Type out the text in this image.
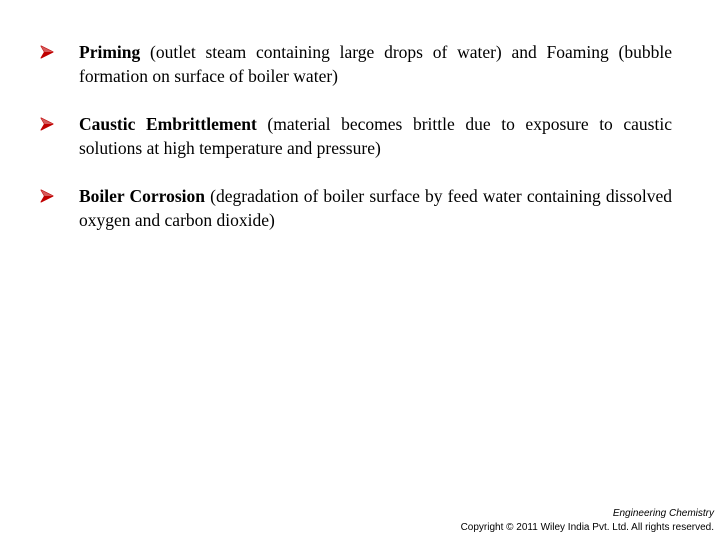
Priming (outlet steam containing large drops of water) and Foaming (bubble formation on surface of boiler water)
Caustic Embrittlement (material becomes brittle due to exposure to caustic solutions at high temperature and pressure)
Boiler Corrosion (degradation of boiler surface by feed water containing dissolved oxygen and carbon dioxide)
Engineering Chemistry
Copyright © 2011 Wiley India Pvt. Ltd. All rights reserved.
